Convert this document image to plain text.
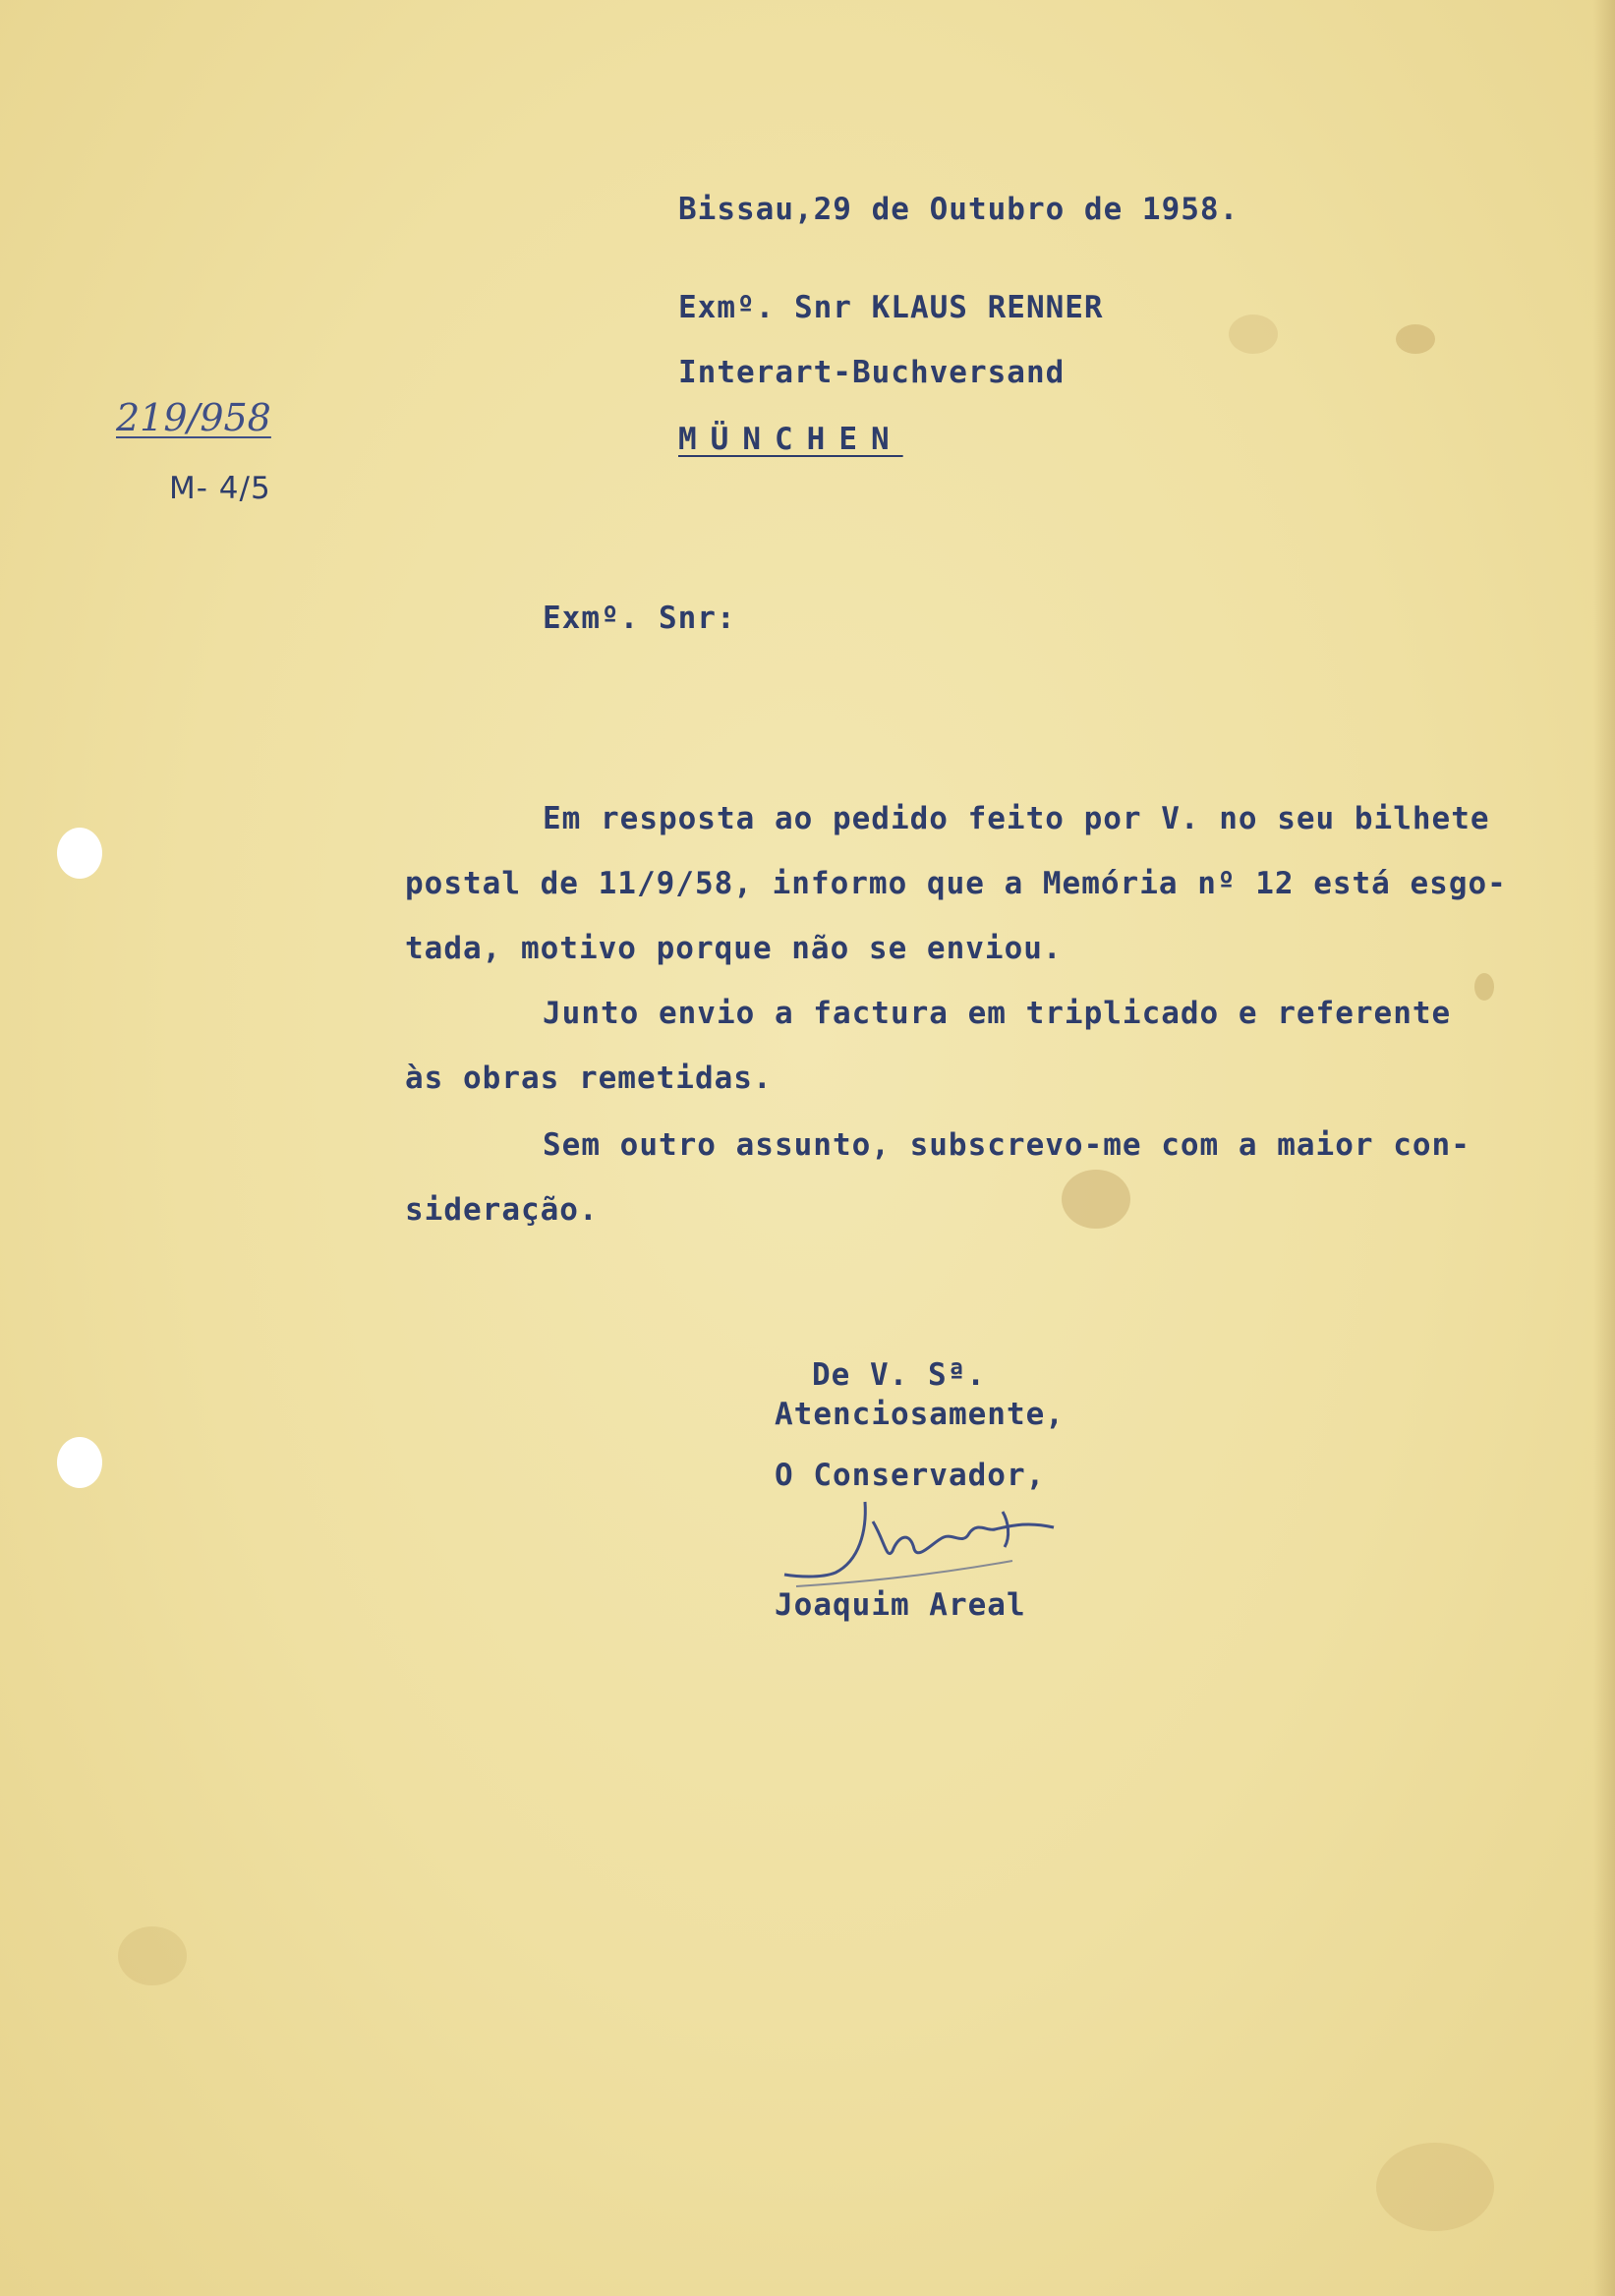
Bissau,29 de Outubro de 1958.
Exmº. Snr KLAUS RENNER
Interart-Buchversand
MÜNCHEN
219/958
M- 4/5
Exmº. Snr:
Em resposta ao pedido feito por V. no seu bilhete
postal de 11/9/58, informo que a Memória nº 12 está esgo-
tada, motivo porque não se enviou.
Junto envio a factura em triplicado e referente
às obras remetidas.
Sem outro assunto, subscrevo-me com a maior con-
sideração.
De V. Sª.
Atenciosamente,
O Conservador,
Joaquim Areal
